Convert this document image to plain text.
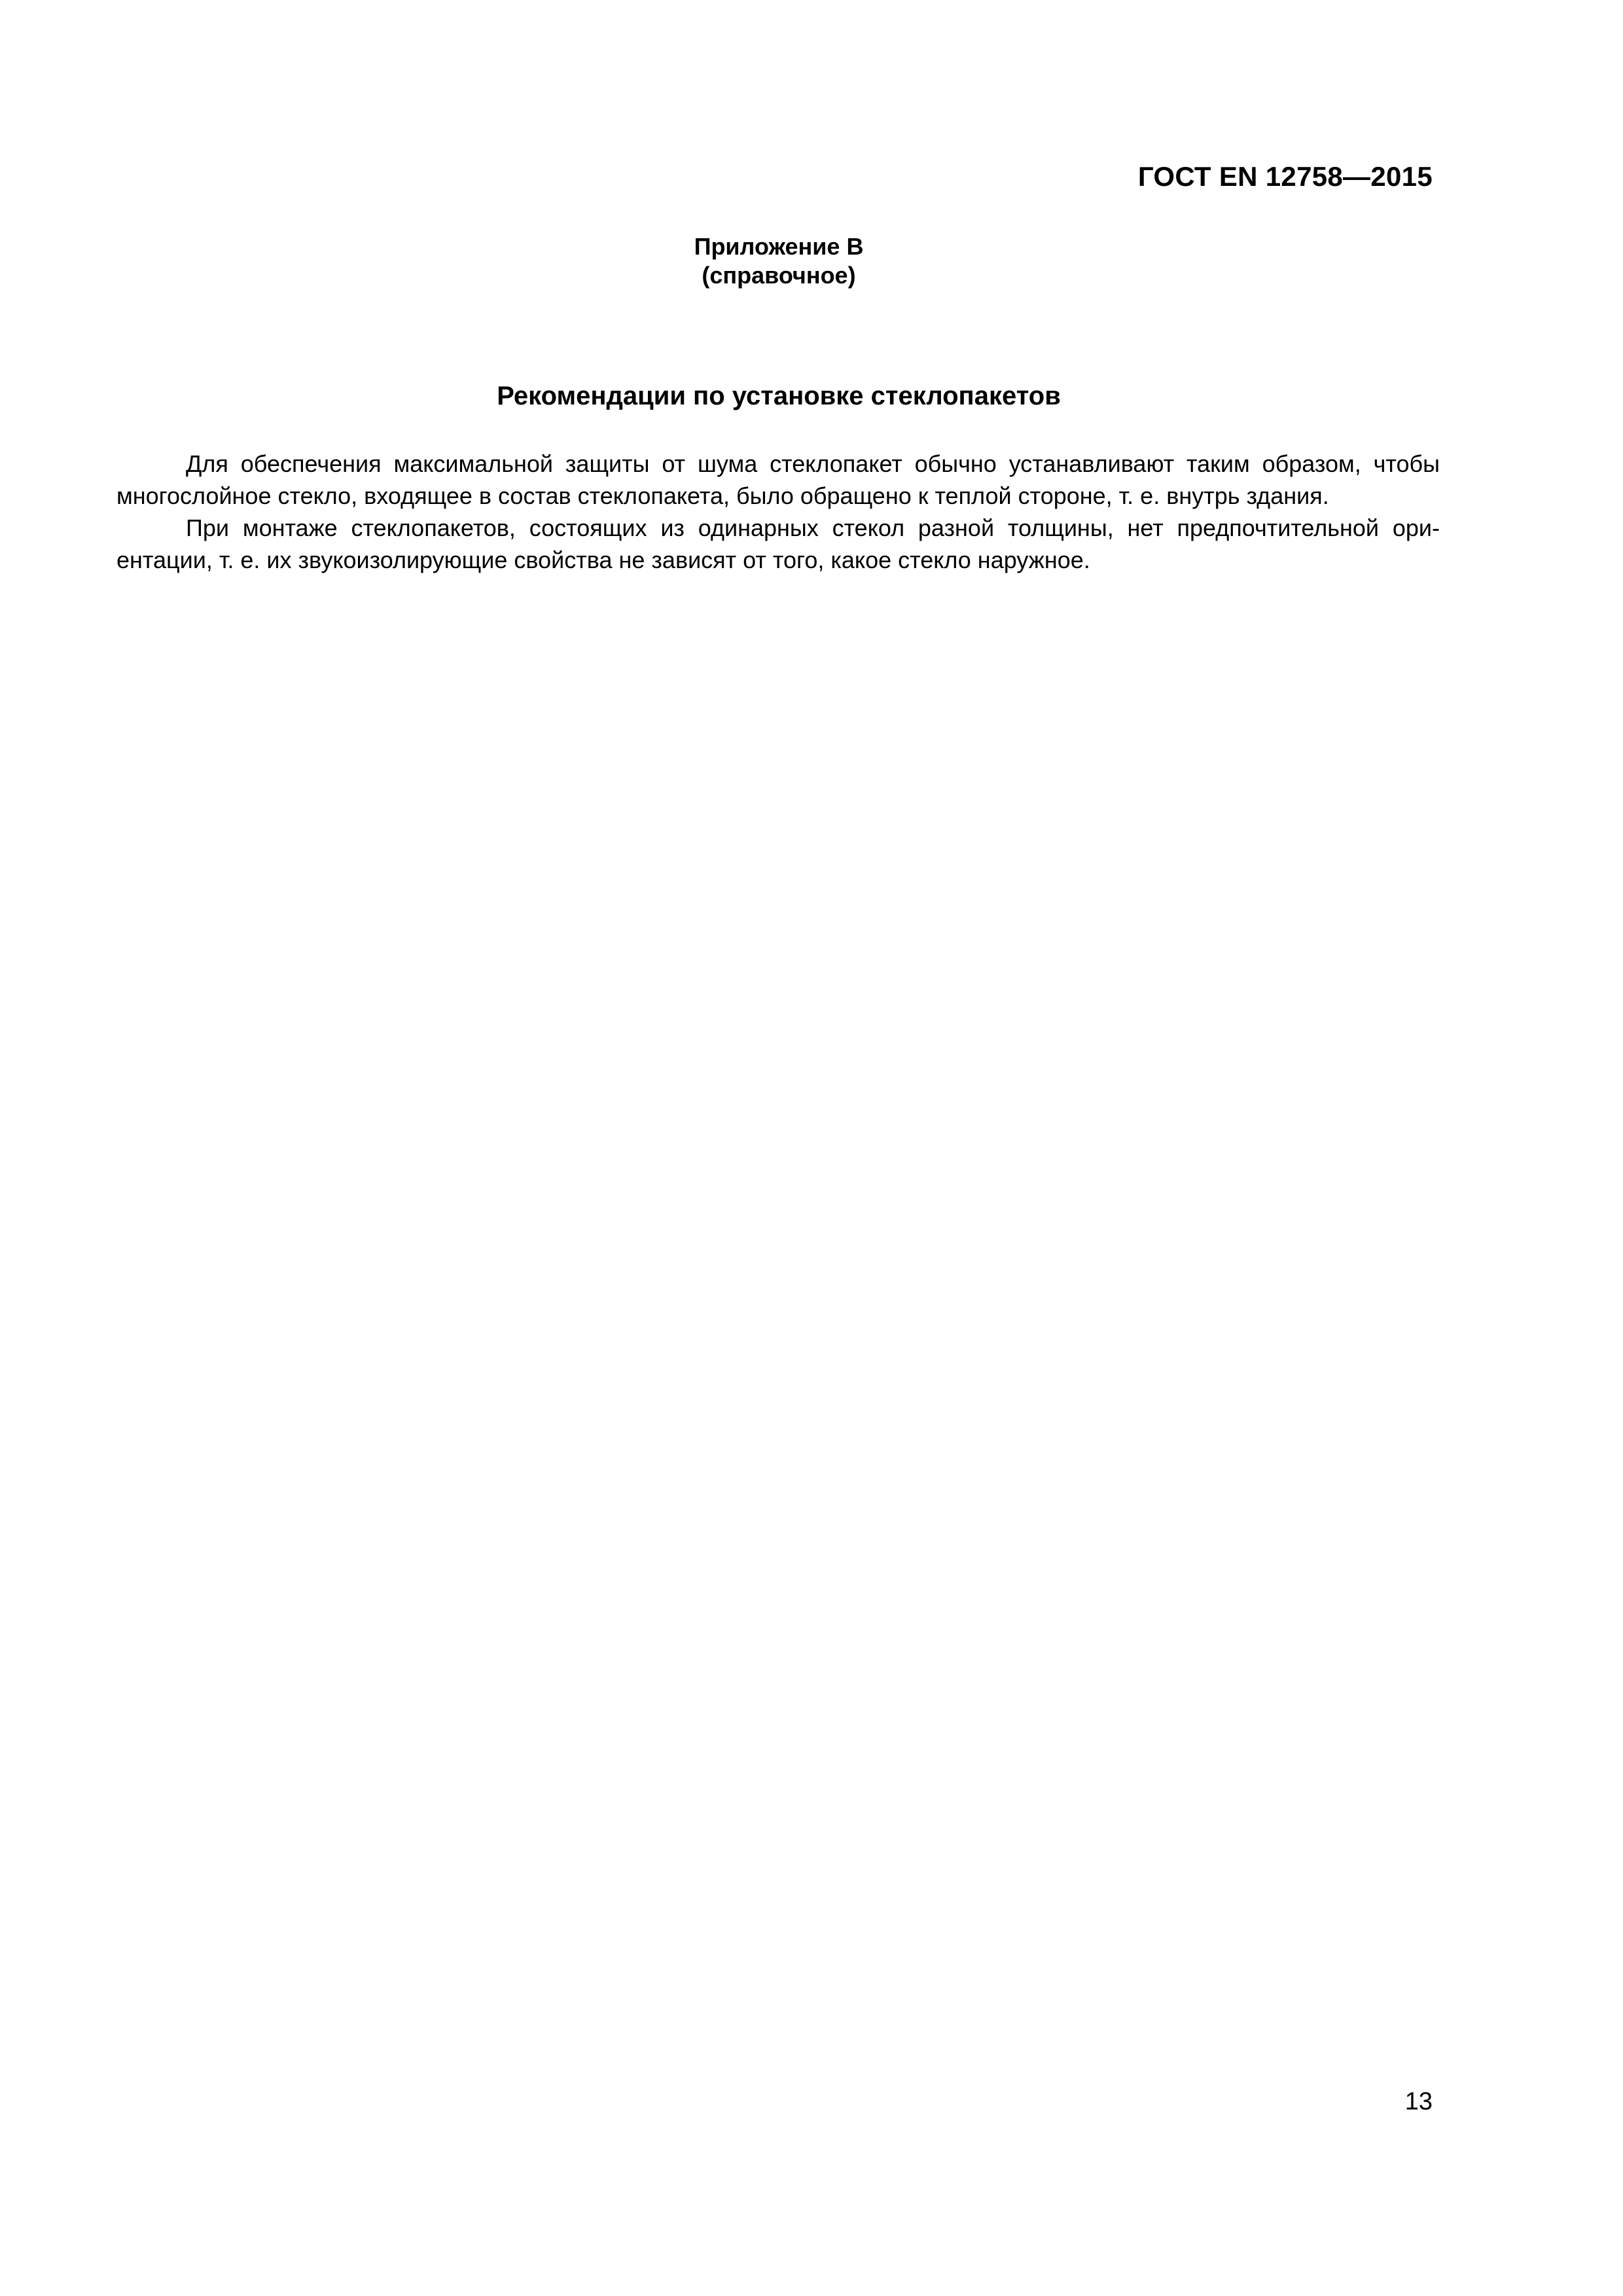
ГОСТ EN 12758—2015
Приложение В
(справочное)
Рекомендации по установке стеклопакетов

Для обеспечения максимальной защиты от шума стеклопакет обычно устанавливают таким образом, чтобы
многослойное стекло, входящее в состав стеклопакета, было обращено к теплой стороне, т. е. внутрь здания.

При монтаже стеклопакетов, состоящих из одинарных стекол разной толщины, нет предпочтительной ори-
ентации, т. е. их звукоизолирующие свойства не зависят от того, какое стекло наружное.

13
